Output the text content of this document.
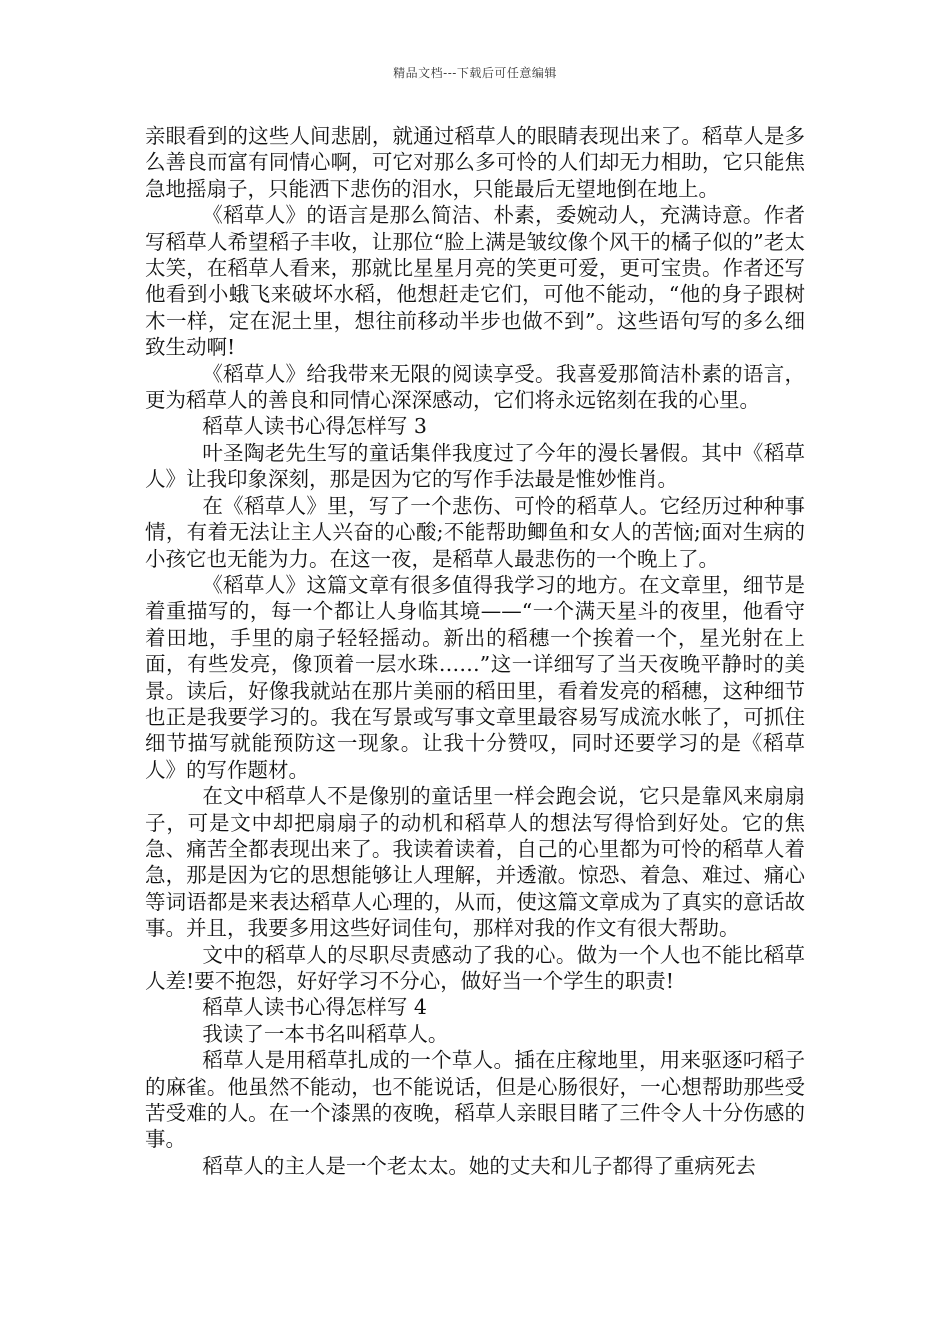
精品文档---下载后可任意编辑

亲眼看到的这些人间悲剧，就通过稻草人的眼睛表现出来了。稻草人是多么善良而富有同情心啊，可它对那么多可怜的人们却无力相助，它只能焦急地摇扇子，只能洒下悲伤的泪水，只能最后无望地倒在地上。

《稻草人》的语言是那么简洁、朴素，委婉动人，充满诗意。作者写稻草人希望稻子丰收，让那位“脸上满是皱纹像个风干的橘子似的”老太太笑，在稻草人看来，那就比星星月亮的笑更可爱，更可宝贵。作者还写他看到小蛾飞来破坏水稻，他想赶走它们，可他不能动，“他的身子跟树木一样，定在泥土里，想往前移动半步也做不到”。这些语句写的多么细致生动啊!

《稻草人》给我带来无限的阅读享受。我喜爱那简洁朴素的语言，更为稻草人的善良和同情心深深感动，它们将永远铭刻在我的心里。

稻草人读书心得怎样写 3

叶圣陶老先生写的童话集伴我度过了今年的漫长暑假。其中《稻草人》让我印象深刻，那是因为它的写作手法最是惟妙惟肖。

在《稻草人》里，写了一个悲伤、可怜的稻草人。它经历过种种事情，有着无法让主人兴奋的心酸;不能帮助鲫鱼和女人的苦恼;面对生病的小孩它也无能为力。在这一夜，是稻草人最悲伤的一个晚上了。

《稻草人》这篇文章有很多值得我学习的地方。在文章里，细节是着重描写的，每一个都让人身临其境——“一个满天星斗的夜里，他看守着田地，手里的扇子轻轻摇动。新出的稻穗一个挨着一个，星光射在上面，有些发亮，像顶着一层水珠……”这一详细写了当天夜晚平静时的美景。读后，好像我就站在那片美丽的稻田里，看着发亮的稻穗，这种细节也正是我要学习的。我在写景或写事文章里最容易写成流水帐了，可抓住细节描写就能预防这一现象。让我十分赞叹，同时还要学习的是《稻草人》的写作题材。

在文中稻草人不是像别的童话里一样会跑会说，它只是靠风来扇扇子，可是文中却把扇扇子的动机和稻草人的想法写得恰到好处。它的焦急、痛苦全都表现出来了。我读着读着，自己的心里都为可怜的稻草人着急，那是因为它的思想能够让人理解，并透澈。惊恐、着急、难过、痛心等词语都是来表达稻草人心理的，从而，使这篇文章成为了真实的意话故事。并且，我要多用这些好词佳句，那样对我的作文有很大帮助。

文中的稻草人的尽职尽责感动了我的心。做为一个人也不能比稻草人差!要不抱怨，好好学习不分心，做好当一个学生的职责!

稻草人读书心得怎样写 4

我读了一本书名叫稻草人。

稻草人是用稻草扎成的一个草人。插在庄稼地里，用来驱逐叼稻子的麻雀。他虽然不能动，也不能说话，但是心肠很好，一心想帮助那些受苦受难的人。在一个漆黑的夜晚，稻草人亲眼目睹了三件令人十分伤感的事。

稻草人的主人是一个老太太。她的丈夫和儿子都得了重病死去
